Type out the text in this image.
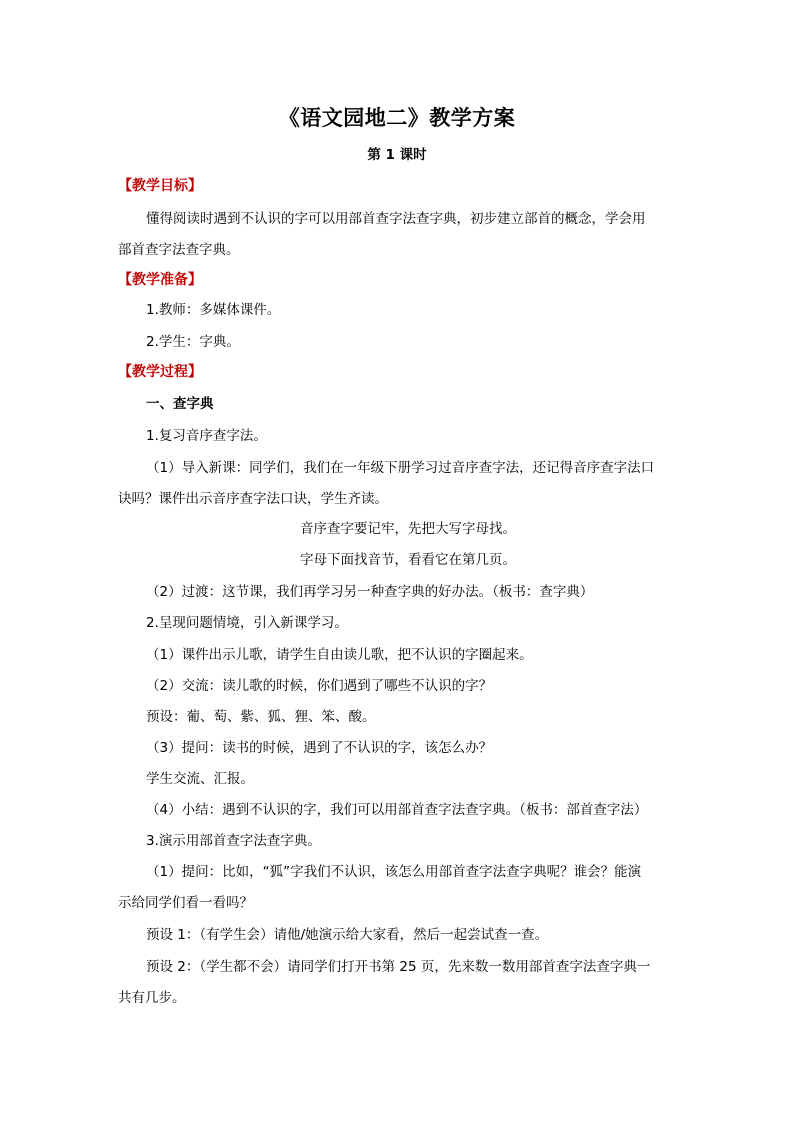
《语文园地二》教学方案
第 1 课时
【教学目标】
懂得阅读时遇到不认识的字可以用部首查字法查字典，初步建立部首的概念，学会用
部首查字法查字典。
【教学准备】
1.教师：多媒体课件。
2.学生：字典。
【教学过程】
一、查字典
1.复习音序查字法。
（1）导入新课：同学们，我们在一年级下册学习过音序查字法，还记得音序查字法口
诀吗？课件出示音序查字法口诀，学生齐读。
音序查字要记牢，先把大写字母找。
字母下面找音节，看看它在第几页。
（2）过渡：这节课，我们再学习另一种查字典的好办法。（板书：查字典）
2.呈现问题情境，引入新课学习。
（1）课件出示儿歌，请学生自由读儿歌，把不认识的字圈起来。
（2）交流：读儿歌的时候，你们遇到了哪些不认识的字？
预设：葡、萄、紫、狐、狸、笨、酸。
（3）提问：读书的时候，遇到了不认识的字，该怎么办？
学生交流、汇报。
（4）小结：遇到不认识的字，我们可以用部首查字法查字典。（板书：部首查字法）
3.演示用部首查字法查字典。
（1）提问：比如，“狐”字我们不认识，该怎么用部首查字法查字典呢？谁会？能演
示给同学们看一看吗？
预设 1：（有学生会）请他/她演示给大家看，然后一起尝试查一查。
预设 2：（学生都不会）请同学们打开书第 25 页，先来数一数用部首查字法查字典一
共有几步。
